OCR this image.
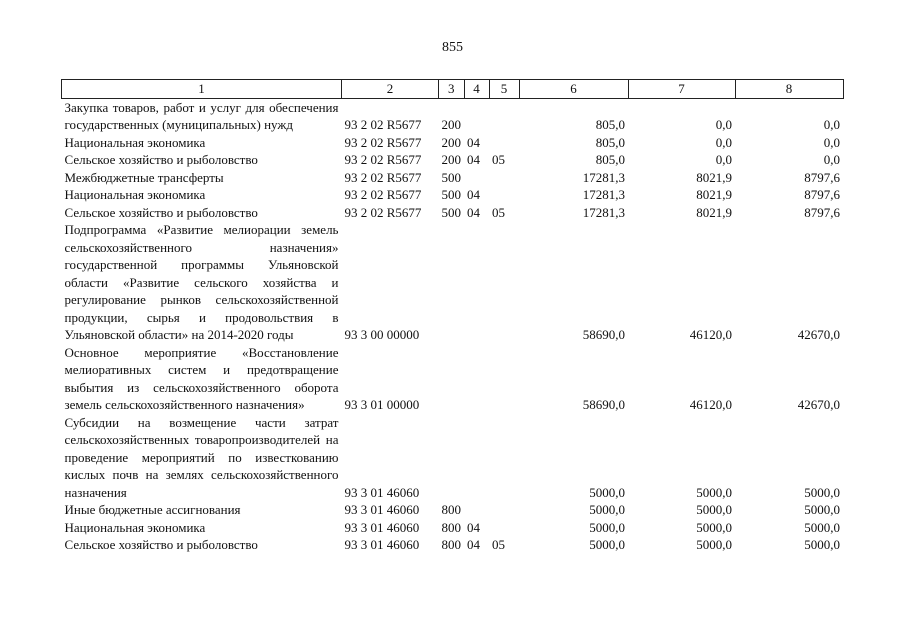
855
1	2	3	4	5	6	7	8
Закупка товаров, работ и услуг для обеспечения государственных (муниципальных) нужд	93 2 02 R5677	200			805,0	0,0	0,0
Национальная экономика	93 2 02 R5677	200	04		805,0	0,0	0,0
Сельское хозяйство и рыболовство	93 2 02 R5677	200	04	05	805,0	0,0	0,0
Межбюджетные трансферты	93 2 02 R5677	500			17281,3	8021,9	8797,6
Национальная экономика	93 2 02 R5677	500	04		17281,3	8021,9	8797,6
Сельское хозяйство и рыболовство	93 2 02 R5677	500	04	05	17281,3	8021,9	8797,6
Подпрограмма «Развитие мелиорации земель сельскохозяйственного назначения» государственной программы Ульяновской области «Развитие сельского хозяйства и регулирование рынков сельскохозяйственной продукции, сырья и продовольствия в Ульяновской области» на 2014-2020 годы	93 3 00 00000				58690,0	46120,0	42670,0
Основное мероприятие «Восстановление мелиоративных систем и предотвращение выбытия из сельскохозяйственного оборота земель сельскохозяйственного назначения»	93 3 01 00000				58690,0	46120,0	42670,0
Субсидии на возмещение части затрат сельскохозяйственных товаропроизводителей на проведение мероприятий по известкованию кислых почв на землях сельскохозяйственного назначения	93 3 01 46060				5000,0	5000,0	5000,0
Иные бюджетные ассигнования	93 3 01 46060	800			5000,0	5000,0	5000,0
Национальная экономика	93 3 01 46060	800	04		5000,0	5000,0	5000,0
Сельское хозяйство и рыболовство	93 3 01 46060	800	04	05	5000,0	5000,0	5000,0
